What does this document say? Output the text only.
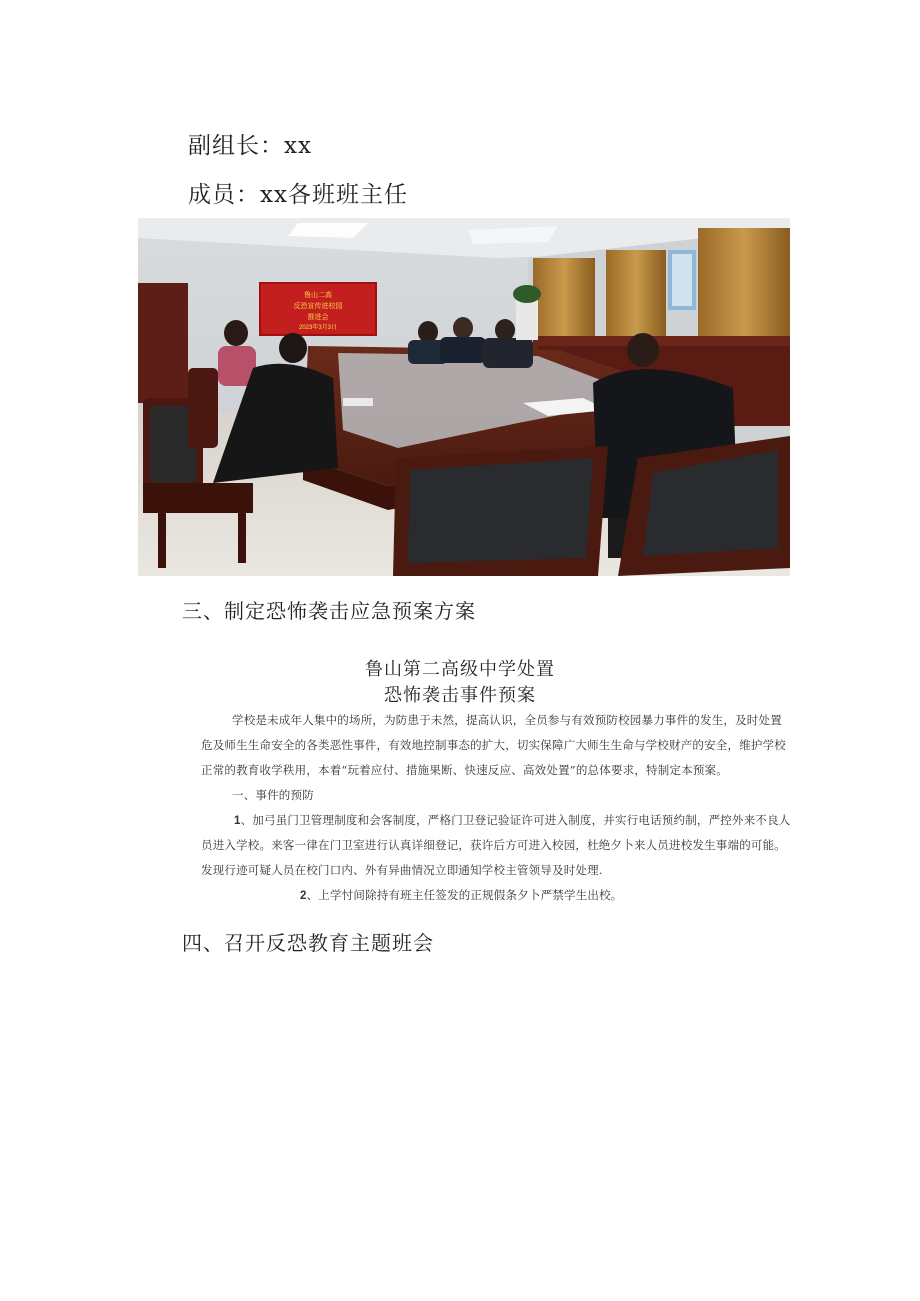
副组长：xx
成员：xx各班班主任
鲁山二高
反恐宣传进校园
推进会
2023年3月3日
三、制定恐怖袭击应急预案方案
鲁山第二高级中学处置
恐怖袭击事件预案
学校是未成年人集中的场所，为防患于未然，提高认识，全员参与有效预防校园暴力事件的发生，及时处置
危及师生生命安全的各类恶性事件，有效地控制事态的扩大，切实保障广大师生生命与学校财产的安全，维护学校
正常的教育收学秩用，本着“玩着应付、措施果断、快速反应、高效处置”的总体要求，特制定本预案。
一、事件的预防
1、加弓虽门卫管理制度和会客制度，严格门卫登记验证许可进入制度，并实行电话预约制，严控外来不良人
员进入学校。来客一律在门卫室进行认真详细登记，获许后方可进入校园，杜绝夕卜来人员进校发生事端的可能。
发现行迹可疑人员在校门口内、外有异曲情况立即通知学校主管领导及时处理.
2、上学忖间除持有班主任签发的正规假条夕卜严禁学生出校。
四、召开反恐教育主题班会
